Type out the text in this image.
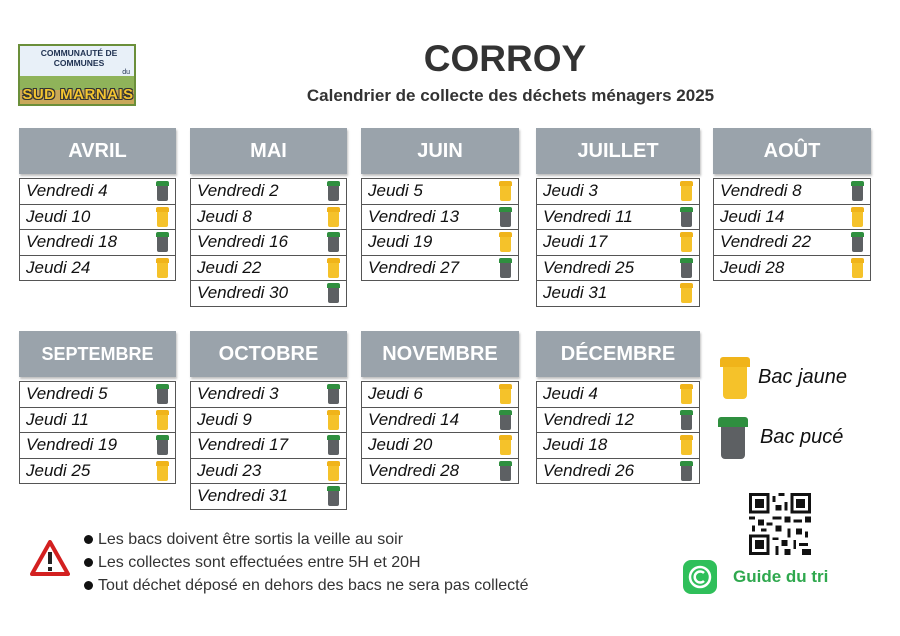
COMMUNAUTÉ DE COMMUNES
du
SUD MARNAIS
CORROY
Calendrier de collecte des déchets ménagers 2025
AVRIL
Vendredi 4
Jeudi 10
Vendredi 18
Jeudi 24
MAI
Vendredi 2
Jeudi 8
Vendredi 16
Jeudi 22
Vendredi 30
JUIN
Jeudi 5
Vendredi 13
Jeudi 19
Vendredi 27
JUILLET
Jeudi 3
Vendredi 11
Jeudi 17
Vendredi 25
Jeudi 31
AOÛT
Vendredi 8
Jeudi 14
Vendredi 22
Jeudi 28
SEPTEMBRE
Vendredi 5
Jeudi 11
Vendredi 19
Jeudi 25
OCTOBRE
Vendredi 3
Jeudi 9
Vendredi 17
Jeudi 23
Vendredi 31
NOVEMBRE
Jeudi 6
Vendredi 14
Jeudi 20
Vendredi 28
DÉCEMBRE
Jeudi 4
Vendredi 12
Jeudi 18
Vendredi 26
Bac jaune
Bac pucé
Les bacs doivent être sortis la veille au soir
Les collectes sont effectuées entre 5H et 20H
Tout déchet déposé en dehors des bacs ne sera pas collecté	Guide du tri
